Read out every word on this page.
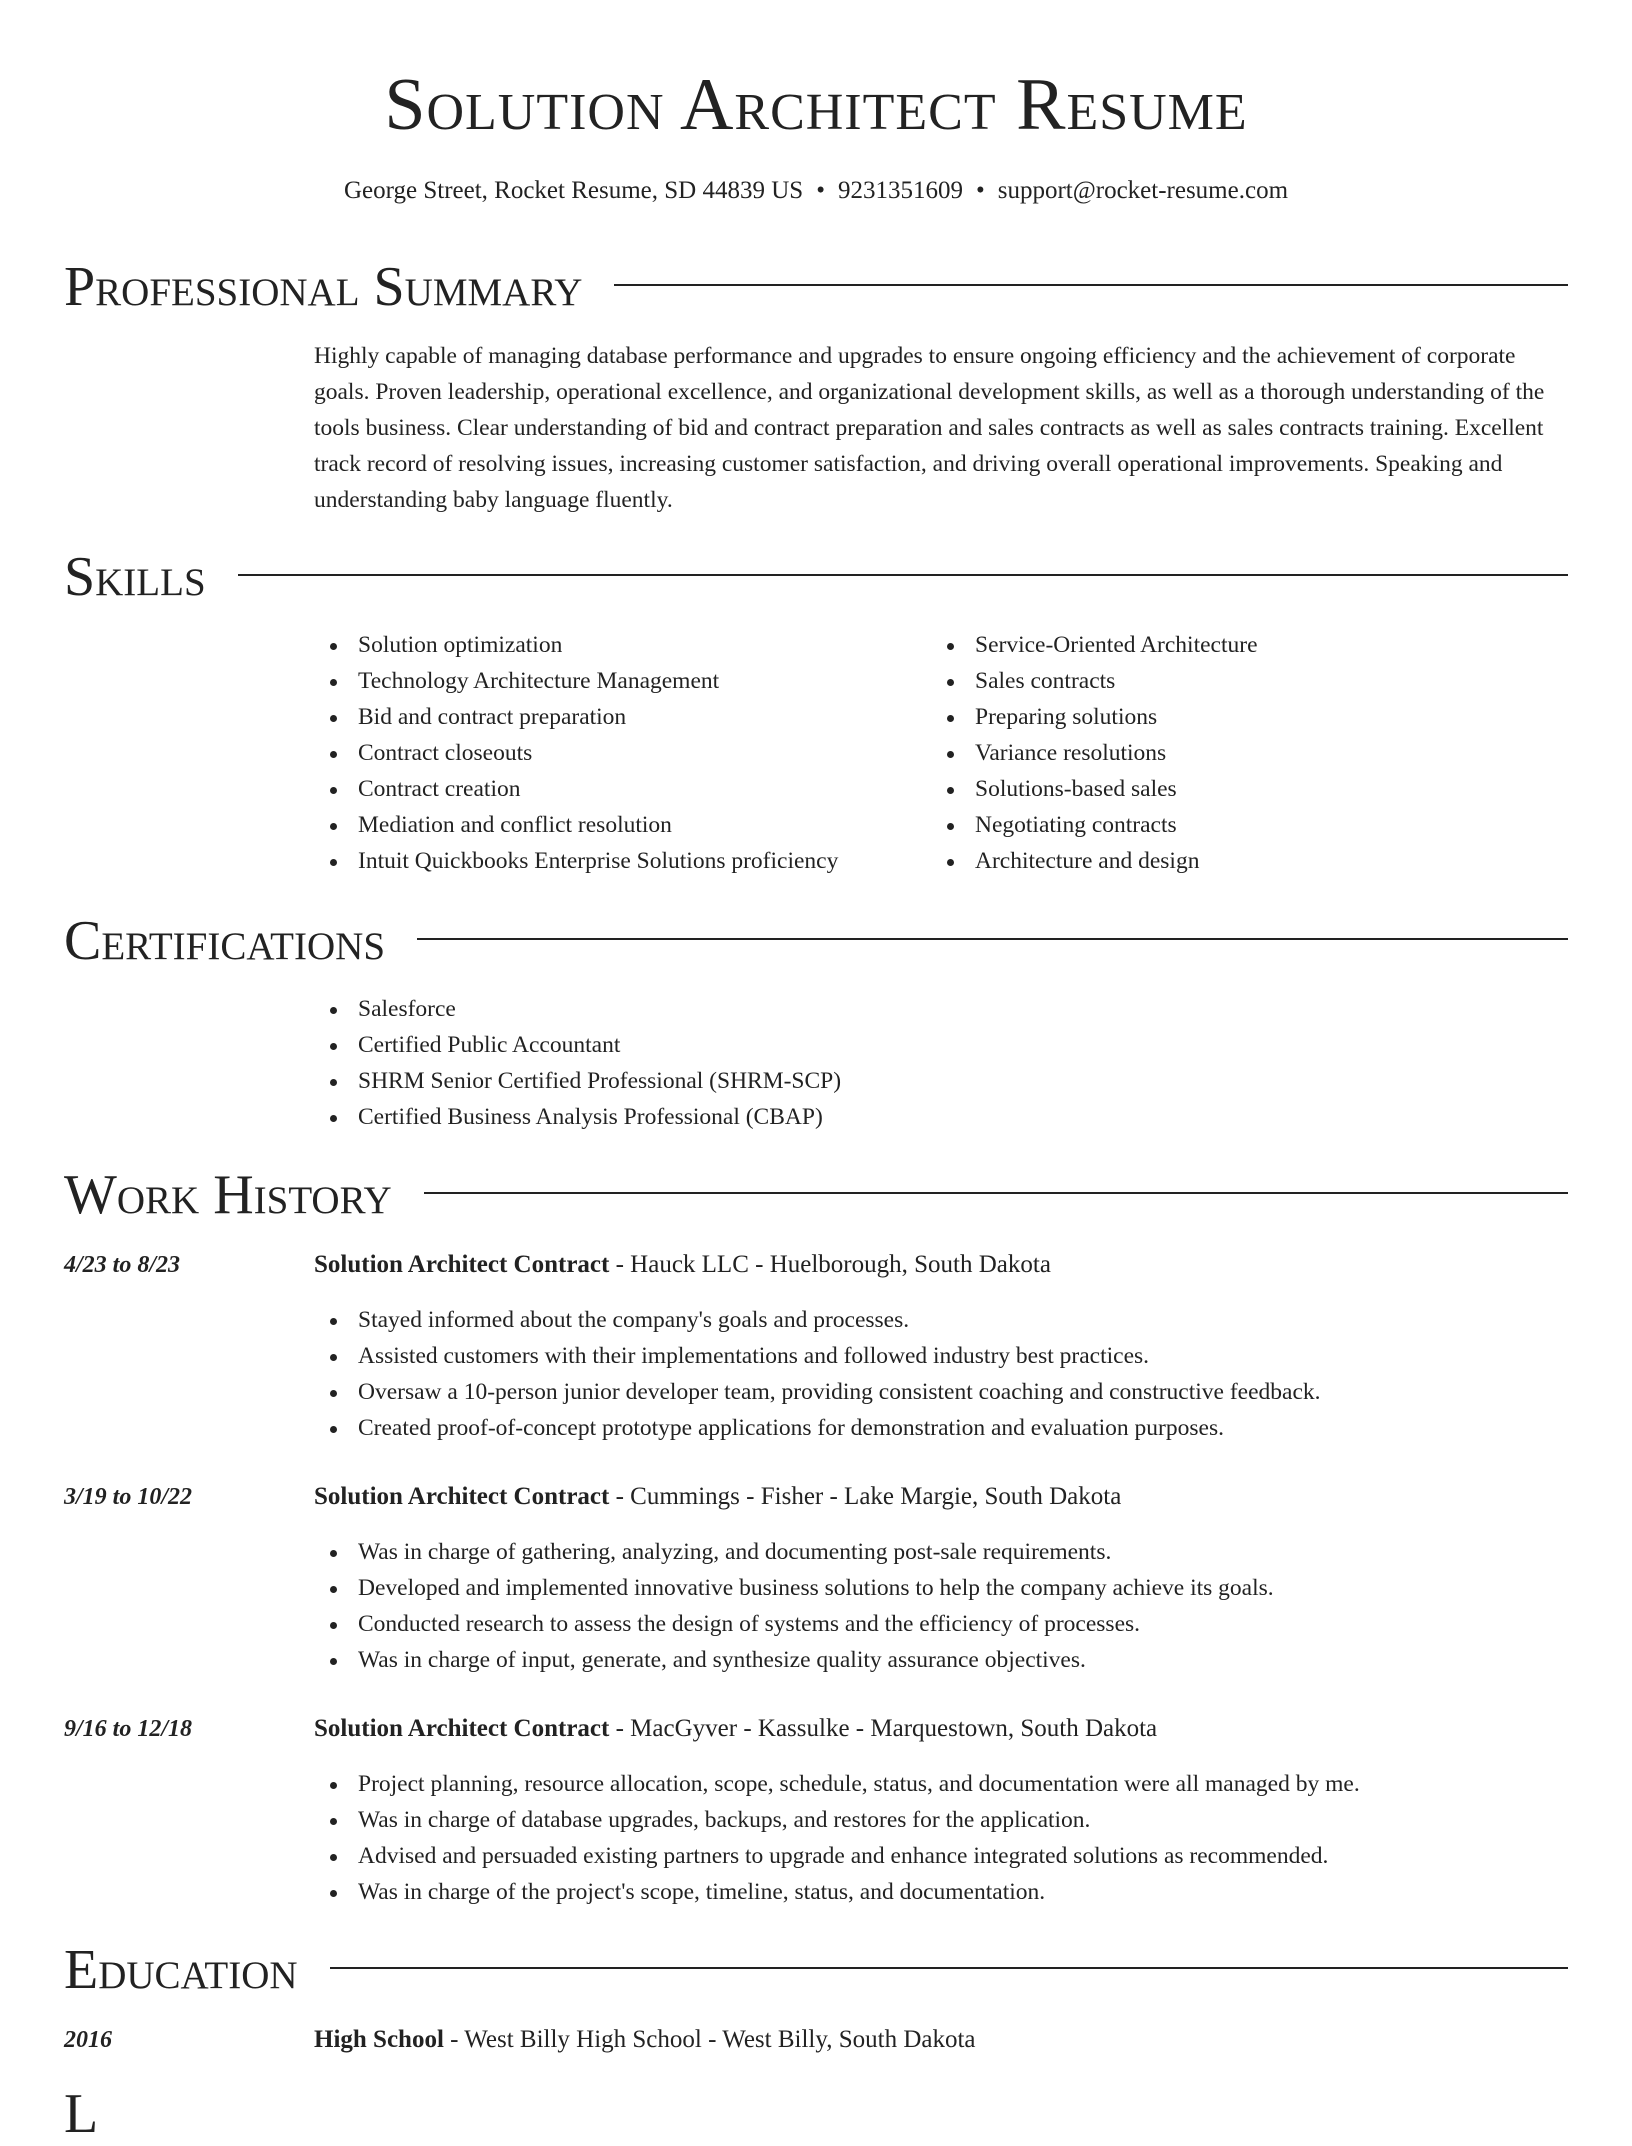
Solution Architect Resume
George Street, Rocket Resume, SD 44839 US • 9231351609 • support@rocket-resume.com
Professional Summary

Highly capable of managing database performance and upgrades to ensure ongoing efficiency and the achievement of corporate goals. Proven leadership, operational excellence, and organizational development skills, as well as a thorough understanding of the tools business. Clear understanding of bid and contract preparation and sales contracts as well as sales contracts training. Excellent track record of resolving issues, increasing customer satisfaction, and driving overall operational improvements. Speaking and understanding baby language fluently.

Skills
Solution optimization
Technology Architecture Management
Bid and contract preparation
Contract closeouts
Contract creation
Mediation and conflict resolution
Intuit Quickbooks Enterprise Solutions proficiency
Service-Oriented Architecture
Sales contracts
Preparing solutions
Variance resolutions
Solutions-based sales
Negotiating contracts
Architecture and design
Certifications
Salesforce
Certified Public Accountant
SHRM Senior Certified Professional (SHRM-SCP)
Certified Business Analysis Professional (CBAP)
Work History
4/23 to 8/23	Solution Architect Contract - Hauck LLC - Huelborough, South Dakota
Stayed informed about the company's goals and processes.
Assisted customers with their implementations and followed industry best practices.
Oversaw a 10-person junior developer team, providing consistent coaching and constructive feedback.
Created proof-of-concept prototype applications for demonstration and evaluation purposes.
3/19 to 10/22	Solution Architect Contract - Cummings - Fisher - Lake Margie, South Dakota
Was in charge of gathering, analyzing, and documenting post-sale requirements.
Developed and implemented innovative business solutions to help the company achieve its goals.
Conducted research to assess the design of systems and the efficiency of processes.
Was in charge of input, generate, and synthesize quality assurance objectives.
9/16 to 12/18	Solution Architect Contract - MacGyver - Kassulke - Marquestown, South Dakota
Project planning, resource allocation, scope, schedule, status, and documentation were all managed by me.
Was in charge of database upgrades, backups, and restores for the application.
Advised and persuaded existing partners to upgrade and enhance integrated solutions as recommended.
Was in charge of the project's scope, timeline, status, and documentation.
Education
2016	High School - West Billy High School - West Billy, South Dakota
L
